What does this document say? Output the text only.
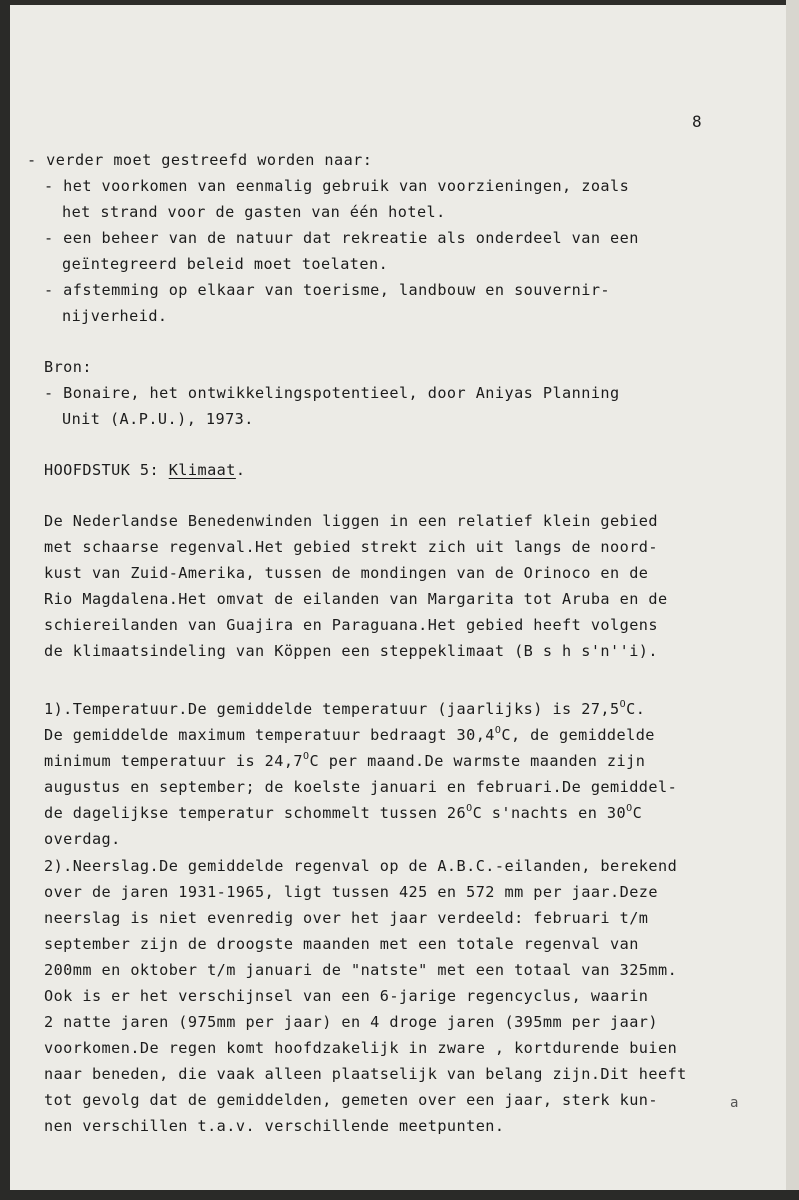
8
- verder moet gestreefd worden naar:
- het voorkomen van eenmalig gebruik van voorzieningen, zoals
het strand voor de gasten van één hotel.
- een beheer van de natuur dat rekreatie als onderdeel van een
geïntegreerd beleid moet toelaten.
- afstemming op elkaar van toerisme, landbouw en souvernir-
nijverheid.
Bron:
- Bonaire, het ontwikkelingspotentieel, door Aniyas Planning
Unit (A.P.U.), 1973.
HOOFDSTUK 5: Klimaat.
De Nederlandse Benedenwinden liggen in een relatief klein gebied
met schaarse regenval.Het gebied strekt zich uit langs de noord-
kust van Zuid-Amerika, tussen de mondingen van de Orinoco en de
Rio Magdalena.Het omvat de eilanden van Margarita tot Aruba en de
schiereilanden van Guajira en Paraguana.Het gebied heeft volgens
de klimaatsindeling van Köppen een steppeklimaat (B s h s'n''i).
1).Temperatuur.De gemiddelde temperatuur (jaarlijks) is $27,5^OC$.
De gemiddelde maximum temperatuur bedraagt $30,4^OC$, de gemiddelde
minimum temperatuur is $24,7^OC$ per maand.De warmste maanden zijn
augustus en september; de koelste januari en februari.De gemiddel-
de dagelijkse temperatur schommelt tussen $26^OC$ s'nachts en $30^OC$
overdag.
2).Neerslag.De gemiddelde regenval op de A.B.C.-eilanden, berekend
over de jaren 1931-1965, ligt tussen 425 en 572 mm per jaar.Deze
neerslag is niet evenredig over het jaar verdeeld: februari t/m
september zijn de droogste maanden met een totale regenval van
200mm en oktober t/m januari de "natste" met een totaal van 325mm.
Ook is er het verschijnsel van een 6-jarige regencyclus, waarin
2 natte jaren (975mm per jaar) en 4 droge jaren (395mm per jaar)
voorkomen.De regen komt hoofdzakelijk in zware , kortdurende buien
naar beneden, die vaak alleen plaatselijk van belang zijn.Dit heeft
tot gevolg dat de gemiddelden, gemeten over een jaar, sterk kun-
nen verschillen t.a.v. verschillende meetpunten.
a
